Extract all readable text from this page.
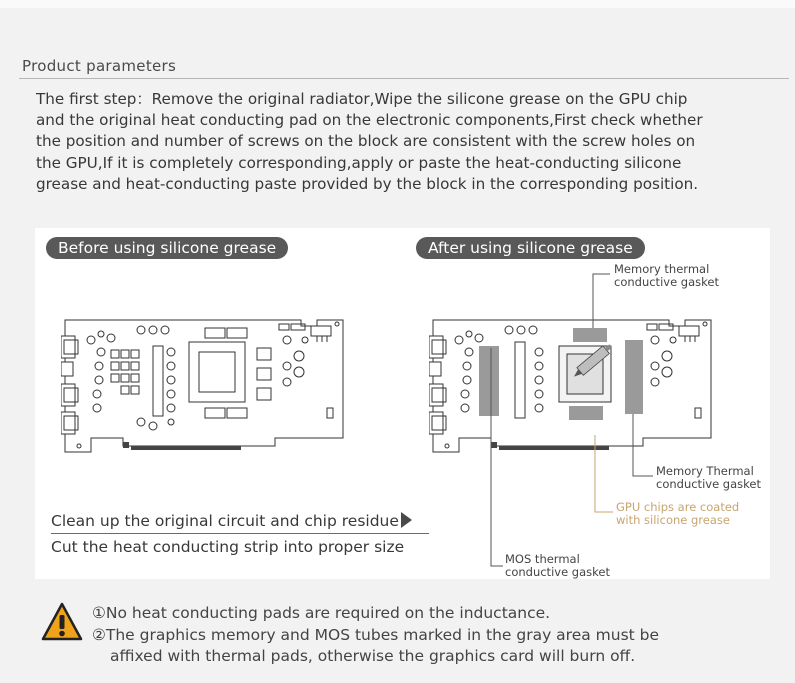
Product parameters
The first step：Remove the original radiator,Wipe the silicone grease on the GPU chip
and the original heat conducting pad on the electronic components,First check whether
the position and number of screws on the block are consistent with the screw holes on
the GPU,If it is completely corresponding,apply or paste the heat-conducting silicone
grease and heat-conducting paste provided by the block in the corresponding position.
Before using silicone grease	After using silicone grease
Memory thermal
conductive gasket
Memory Thermal
conductive gasket
GPU chips are coated
with silicone grease
MOS thermal
conductive gasket
Clean up the original circuit and chip residue
Cut the heat conducting strip into proper size
①No heat conducting pads are required on the inductance.
②The graphics memory and MOS tubes marked in the gray area must be
affixed with thermal pads, otherwise the graphics card will burn off.
